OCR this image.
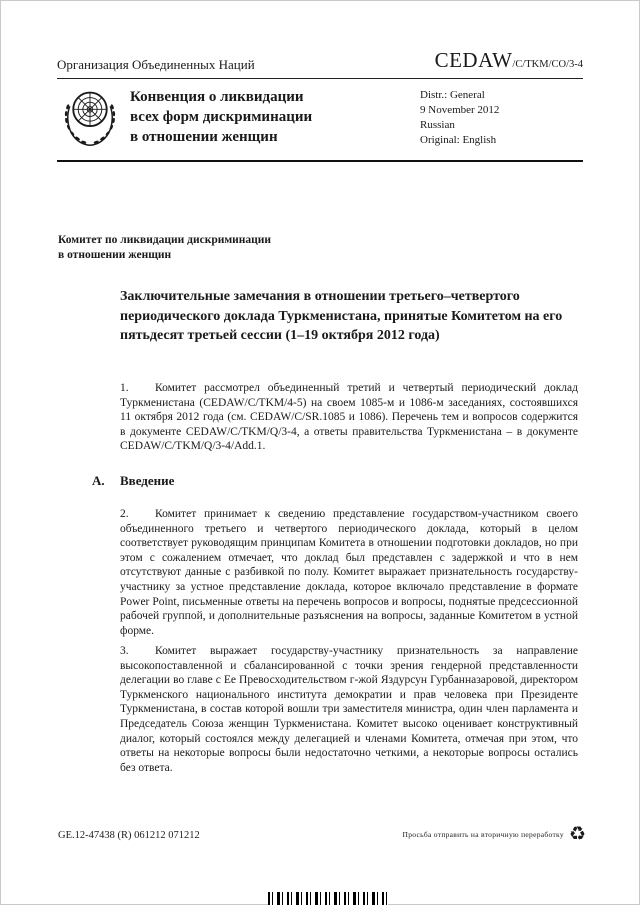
Организация Объединенных Наций	CEDAW/C/TKM/CO/3-4
Конвенция о ликвидации
всех форм дискриминации
в отношении женщин
Distr.: General
9 November 2012
Russian
Original: English
Комитет по ликвидации дискриминации
в отношении женщин
Заключительные замечания в отношении третьего–четвертого периодического доклада Туркменистана, принятые Комитетом на его пятьдесят третьей сессии (1–19 октября 2012 года)

1. Комитет рассмотрел объединенный третий и четвертый периодический доклад Туркменистана (CEDAW/C/TKM/4-5) на своем 1085-м и 1086-м заседаниях, состоявшихся 11 октября 2012 года (см. CEDAW/C/SR.1085 и 1086). Перечень тем и вопросов содержится в документе CEDAW/C/TKM/Q/3-4, а ответы правительства Туркменистана – в документе CEDAW/C/TKM/Q/3-4/Add.1.

A. Введение

2. Комитет принимает к сведению представление государством-участником своего объединенного третьего и четвертого периодического доклада, который в целом соответствует руководящим принципам Комитета в отношении подготовки докладов, но при этом с сожалением отмечает, что доклад был представлен с задержкой и что в нем отсутствуют данные с разбивкой по полу. Комитет выражает признательность государству-участнику за устное представление доклада, которое включало представление в формате Power Point, письменные ответы на перечень вопросов и вопросы, поднятые предсессионной рабочей группой, и дополнительные разъяснения на вопросы, заданные Комитетом в устной форме.

3. Комитет выражает государству-участнику признательность за направление высокопоставленной и сбалансированной с точки зрения гендерной представленности делегации во главе с Ее Превосходительством г-жой Яздурсун Гурбанназаровой, директором Туркменского национального института демократии и прав человека при Президенте Туркменистана, в состав которой вошли три заместителя министра, один член парламента и Председатель Союза женщин Туркменистана. Комитет высоко оценивает конструктивный диалог, который состоялся между делегацией и членами Комитета, отмечая при этом, что ответы на некоторые вопросы были недостаточно четкими, а некоторые вопросы остались без ответа.

GE.12-47438 (R) 061212 071212	Просьба отправить на вторичную переработку ♻
